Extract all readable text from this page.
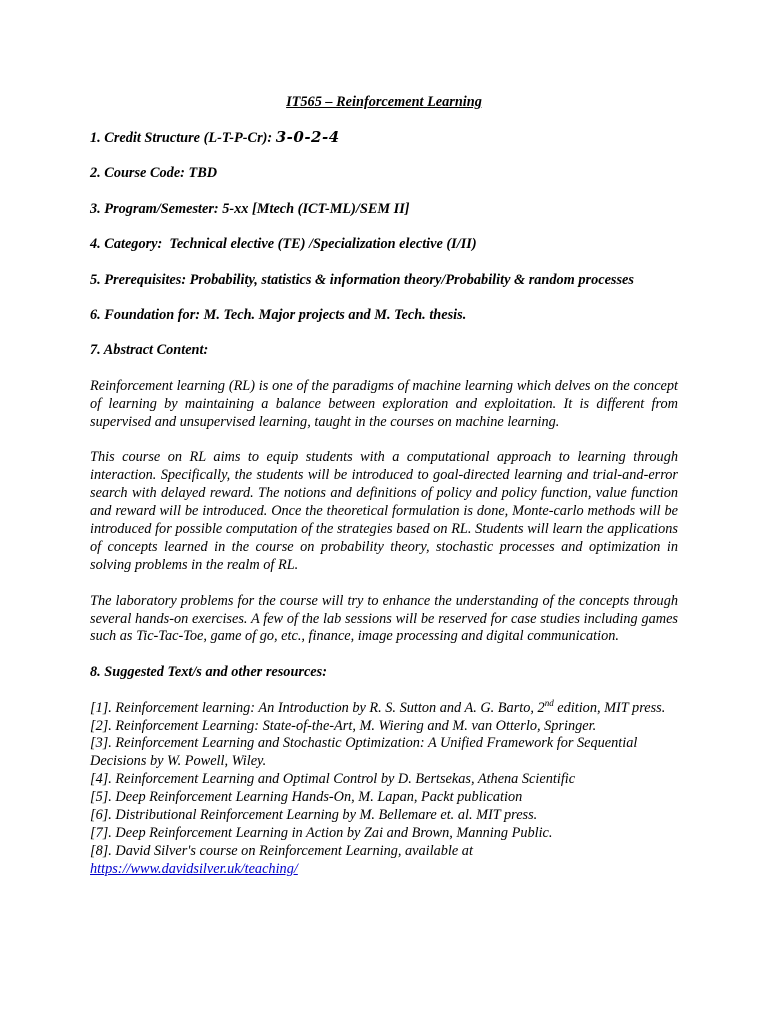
IT565 – Reinforcement Learning
1. Credit Structure (L-T-P-Cr): 3-0-2-4
2. Course Code: TBD
3. Program/Semester: 5-xx [Mtech (ICT-ML)/SEM II]
4. Category:  Technical elective (TE) /Specialization elective (I/II)
5. Prerequisites: Probability, statistics & information theory/Probability & random processes
6. Foundation for: M. Tech. Major projects and M. Tech. thesis.
7. Abstract Content:
Reinforcement learning (RL) is one of the paradigms of machine learning which delves on the concept of learning by maintaining a balance between exploration and exploitation. It is different from supervised and unsupervised learning, taught in the courses on machine learning.
This course on RL aims to equip students with a computational approach to learning through interaction. Specifically, the students will be introduced to goal-directed learning and trial-and-error search with delayed reward. The notions and definitions of policy and policy function, value function and reward will be introduced. Once the theoretical formulation is done, Monte-carlo methods will be introduced for possible computation of the strategies based on RL. Students will learn the applications of concepts learned in the course on probability theory, stochastic processes and optimization in solving problems in the realm of RL.
The laboratory problems for the course will try to enhance the understanding of the concepts through several hands-on exercises. A few of the lab sessions will be reserved for case studies including games such as Tic-Tac-Toe, game of go, etc., finance, image processing and digital communication.
8. Suggested Text/s and other resources:
[1]. Reinforcement learning: An Introduction by R. S. Sutton and A. G. Barto, 2nd edition, MIT press.
[2]. Reinforcement Learning: State-of-the-Art, M. Wiering and M. van Otterlo, Springer.
[3]. Reinforcement Learning and Stochastic Optimization: A Unified Framework for Sequential Decisions by W. Powell, Wiley.
[4]. Reinforcement Learning and Optimal Control by D. Bertsekas, Athena Scientific
[5]. Deep Reinforcement Learning Hands-On, M. Lapan, Packt publication
[6]. Distributional Reinforcement Learning by M. Bellemare et. al. MIT press.
[7]. Deep Reinforcement Learning in Action by Zai and Brown, Manning Public.
[8]. David Silver's course on Reinforcement Learning, available at
https://www.davidsilver.uk/teaching/
